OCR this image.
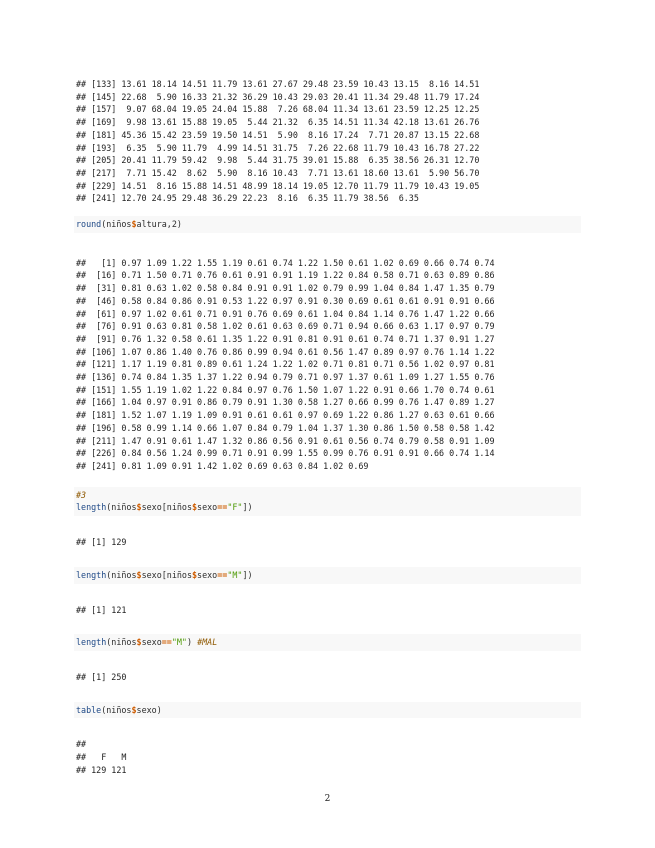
## [133] 13.61 18.14 14.51 11.79 13.61 27.67 29.48 23.59 10.43 13.15  8.16 14.51
## [145] 22.68  5.90 16.33 21.32 36.29 10.43 29.03 20.41 11.34 29.48 11.79 17.24
## [157]  9.07 68.04 19.05 24.04 15.88  7.26 68.04 11.34 13.61 23.59 12.25 12.25
## [169]  9.98 13.61 15.88 19.05  5.44 21.32  6.35 14.51 11.34 42.18 13.61 26.76
## [181] 45.36 15.42 23.59 19.50 14.51  5.90  8.16 17.24  7.71 20.87 13.15 22.68
## [193]  6.35  5.90 11.79  4.99 14.51 31.75  7.26 22.68 11.79 10.43 16.78 27.22
## [205] 20.41 11.79 59.42  9.98  5.44 31.75 39.01 15.88  6.35 38.56 26.31 12.70
## [217]  7.71 15.42  8.62  5.90  8.16 10.43  7.71 13.61 18.60 13.61  5.90 56.70
## [229] 14.51  8.16 15.88 14.51 48.99 18.14 19.05 12.70 11.79 11.79 10.43 19.05
## [241] 12.70 24.95 29.48 36.29 22.23  8.16  6.35 11.79 38.56  6.35
round(niños$altura,2)
##   [1] 0.97 1.09 1.22 1.55 1.19 0.61 0.74 1.22 1.50 0.61 1.02 0.69 0.66 0.74 0.74
##  [16] 0.71 1.50 0.71 0.76 0.61 0.91 0.91 1.19 1.22 0.84 0.58 0.71 0.63 0.89 0.86
##  [31] 0.81 0.63 1.02 0.58 0.84 0.91 0.91 1.02 0.79 0.99 1.04 0.84 1.47 1.35 0.79
##  [46] 0.58 0.84 0.86 0.91 0.53 1.22 0.97 0.91 0.30 0.69 0.61 0.61 0.91 0.91 0.66
##  [61] 0.97 1.02 0.61 0.71 0.91 0.76 0.69 0.61 1.04 0.84 1.14 0.76 1.47 1.22 0.66
##  [76] 0.91 0.63 0.81 0.58 1.02 0.61 0.63 0.69 0.71 0.94 0.66 0.63 1.17 0.97 0.79
##  [91] 0.76 1.32 0.58 0.61 1.35 1.22 0.91 0.81 0.91 0.61 0.74 0.71 1.37 0.91 1.27
## [106] 1.07 0.86 1.40 0.76 0.86 0.99 0.94 0.61 0.56 1.47 0.89 0.97 0.76 1.14 1.22
## [121] 1.17 1.19 0.81 0.89 0.61 1.24 1.22 1.02 0.71 0.81 0.71 0.56 1.02 0.97 0.81
## [136] 0.74 0.84 1.35 1.37 1.22 0.94 0.79 0.71 0.97 1.37 0.61 1.09 1.27 1.55 0.76
## [151] 1.55 1.19 1.02 1.22 0.84 0.97 0.76 1.50 1.07 1.22 0.91 0.66 1.70 0.74 0.61
## [166] 1.04 0.97 0.91 0.86 0.79 0.91 1.30 0.58 1.27 0.66 0.99 0.76 1.47 0.89 1.27
## [181] 1.52 1.07 1.19 1.09 0.91 0.61 0.61 0.97 0.69 1.22 0.86 1.27 0.63 0.61 0.66
## [196] 0.58 0.99 1.14 0.66 1.07 0.84 0.79 1.04 1.37 1.30 0.86 1.50 0.58 0.58 1.42
## [211] 1.47 0.91 0.61 1.47 1.32 0.86 0.56 0.91 0.61 0.56 0.74 0.79 0.58 0.91 1.09
## [226] 0.84 0.56 1.24 0.99 0.71 0.91 0.99 1.55 0.99 0.76 0.91 0.91 0.66 0.74 1.14
## [241] 0.81 1.09 0.91 1.42 1.02 0.69 0.63 0.84 1.02 0.69
#3
length(niños$sexo[niños$sexo=="F"])
## [1] 129
length(niños$sexo[niños$sexo=="M"])
## [1] 121
length(niños$sexo=="M") #MAL
## [1] 250
table(niños$sexo)
##
##   F   M
## 129 121
2
